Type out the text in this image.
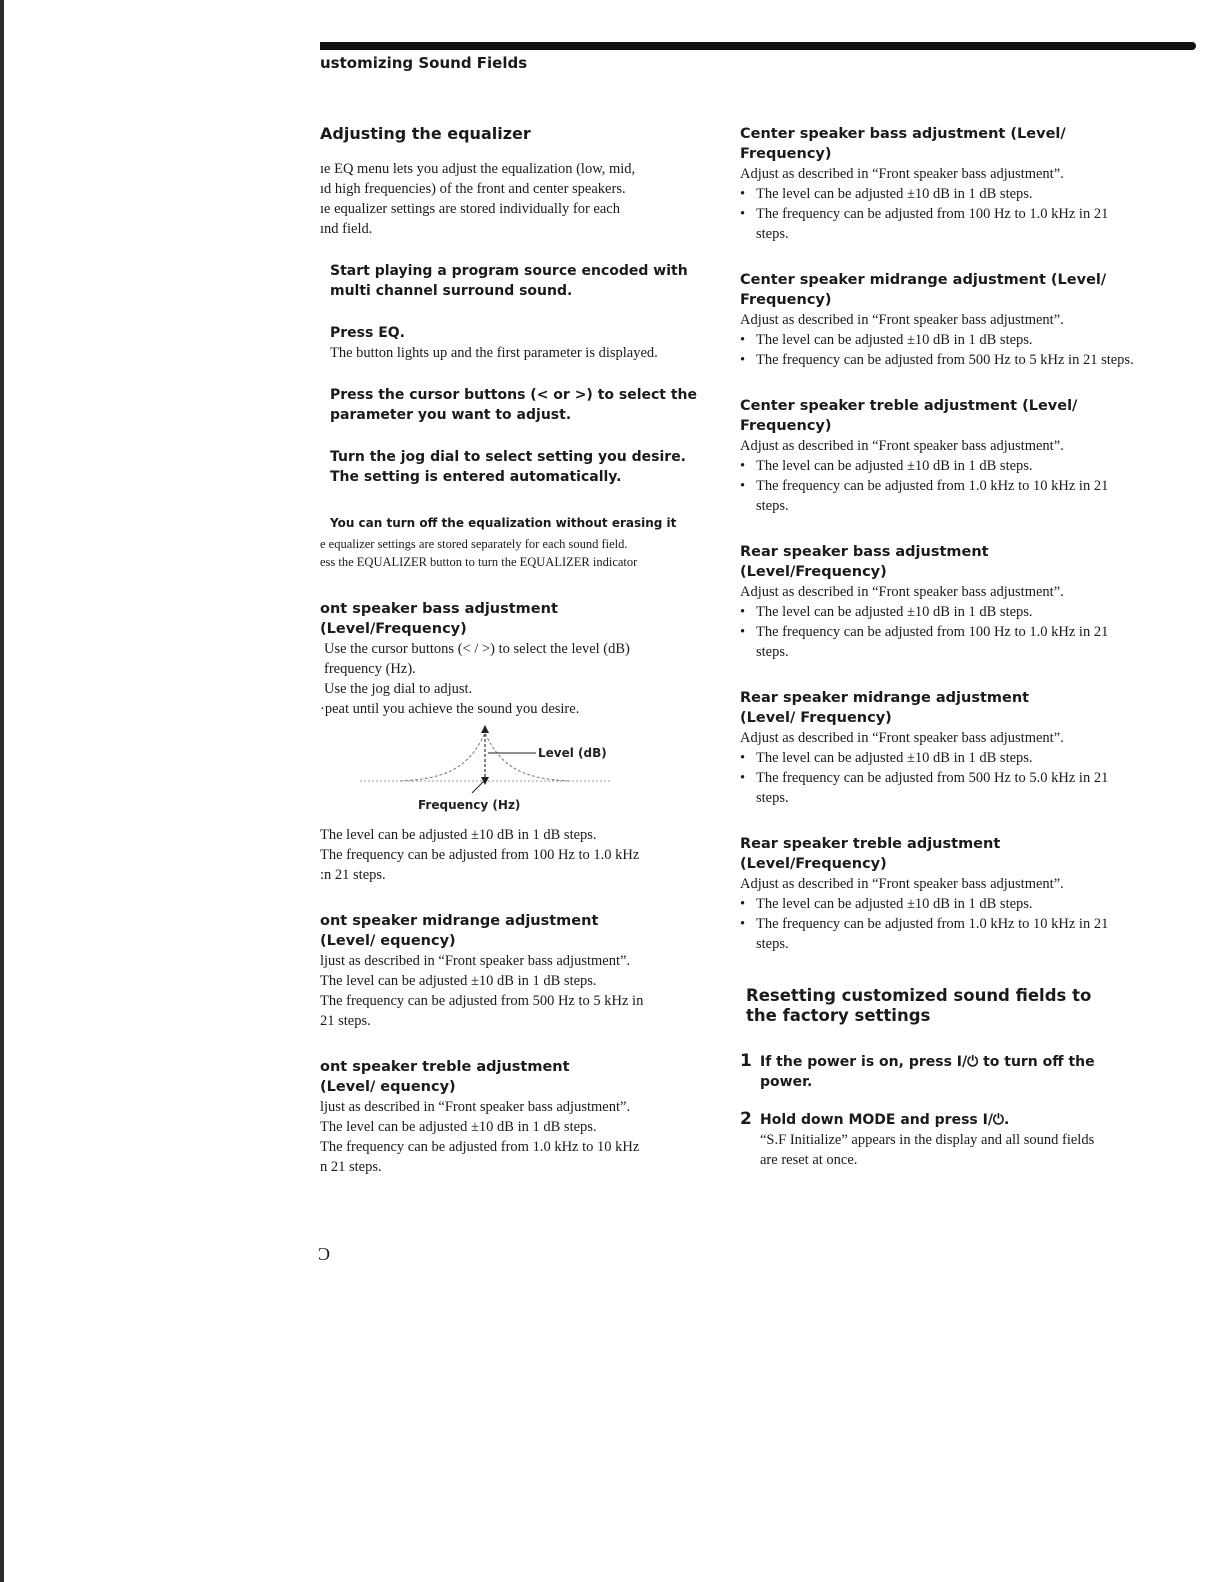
ustomizing Sound Fields
Adjusting the equalizer

ıe EQ menu lets you adjust the equalization (low, mid,

ıd high frequencies) of the front and center speakers.

ıe equalizer settings are stored individually for each

ınd field.

Start playing a program source encoded with multi channel surround sound.
Press EQ.

The button lights up and the first parameter is displayed.

Press the cursor buttons (< or >) to select the parameter you want to adjust.
Turn the jog dial to select setting you desire. The setting is entered automatically.
You can turn off the equalization without erasing it

e equalizer settings are stored separately for each sound field.

ess the EQUALIZER button to turn the EQUALIZER indicator

ont speaker bass adjustment (Level/Frequency)

Use the cursor buttons (< / >) to select the level (dB)

frequency (Hz).

Use the jog dial to adjust.

·peat until you achieve the sound you desire.

Level (dB)
Frequency (Hz)

The level can be adjusted ±10 dB in 1 dB steps.

The frequency can be adjusted from 100 Hz to 1.0 kHz

:n 21 steps.

ont speaker midrange adjustment (Level/ equency)

ljust as described in “Front speaker bass adjustment”.

The level can be adjusted ±10 dB in 1 dB steps.

The frequency can be adjusted from 500 Hz to 5 kHz in

21 steps.

ont speaker treble adjustment (Level/ equency)

ljust as described in “Front speaker bass adjustment”.

The level can be adjusted ±10 dB in 1 dB steps.

The frequency can be adjusted from 1.0 kHz to 10 kHz

n 21 steps.

Center speaker bass adjustment (Level/ Frequency)

Adjust as described in “Front speaker bass adjustment”.

• The level can be adjusted ±10 dB in 1 dB steps.

• The frequency can be adjusted from 100 Hz to 1.0 kHz in 21 steps.

Center speaker midrange adjustment (Level/ Frequency)

Adjust as described in “Front speaker bass adjustment”.

• The level can be adjusted ±10 dB in 1 dB steps.

• The frequency can be adjusted from 500 Hz to 5 kHz in 21 steps.

Center speaker treble adjustment (Level/ Frequency)

Adjust as described in “Front speaker bass adjustment”.

• The level can be adjusted ±10 dB in 1 dB steps.

• The frequency can be adjusted from 1.0 kHz to 10 kHz in 21 steps.

Rear speaker bass adjustment (Level/Frequency)

Adjust as described in “Front speaker bass adjustment”.

• The level can be adjusted ±10 dB in 1 dB steps.

• The frequency can be adjusted from 100 Hz to 1.0 kHz in 21 steps.

Rear speaker midrange adjustment (Level/ Frequency)

Adjust as described in “Front speaker bass adjustment”.

• The level can be adjusted ±10 dB in 1 dB steps.

• The frequency can be adjusted from 500 Hz to 5.0 kHz in 21 steps.

Rear speaker treble adjustment (Level/Frequency)

Adjust as described in “Front speaker bass adjustment”.

• The level can be adjusted ±10 dB in 1 dB steps.

• The frequency can be adjusted from 1.0 kHz to 10 kHz in 21 steps.

Resetting customized sound fields to the factory settings
1 If the power is on, press I/⏻ to turn off the power.
2 Hold down MODE and press I/⏻.

“S.F Initialize” appears in the display and all sound fields are reset at once.

Ɔ
